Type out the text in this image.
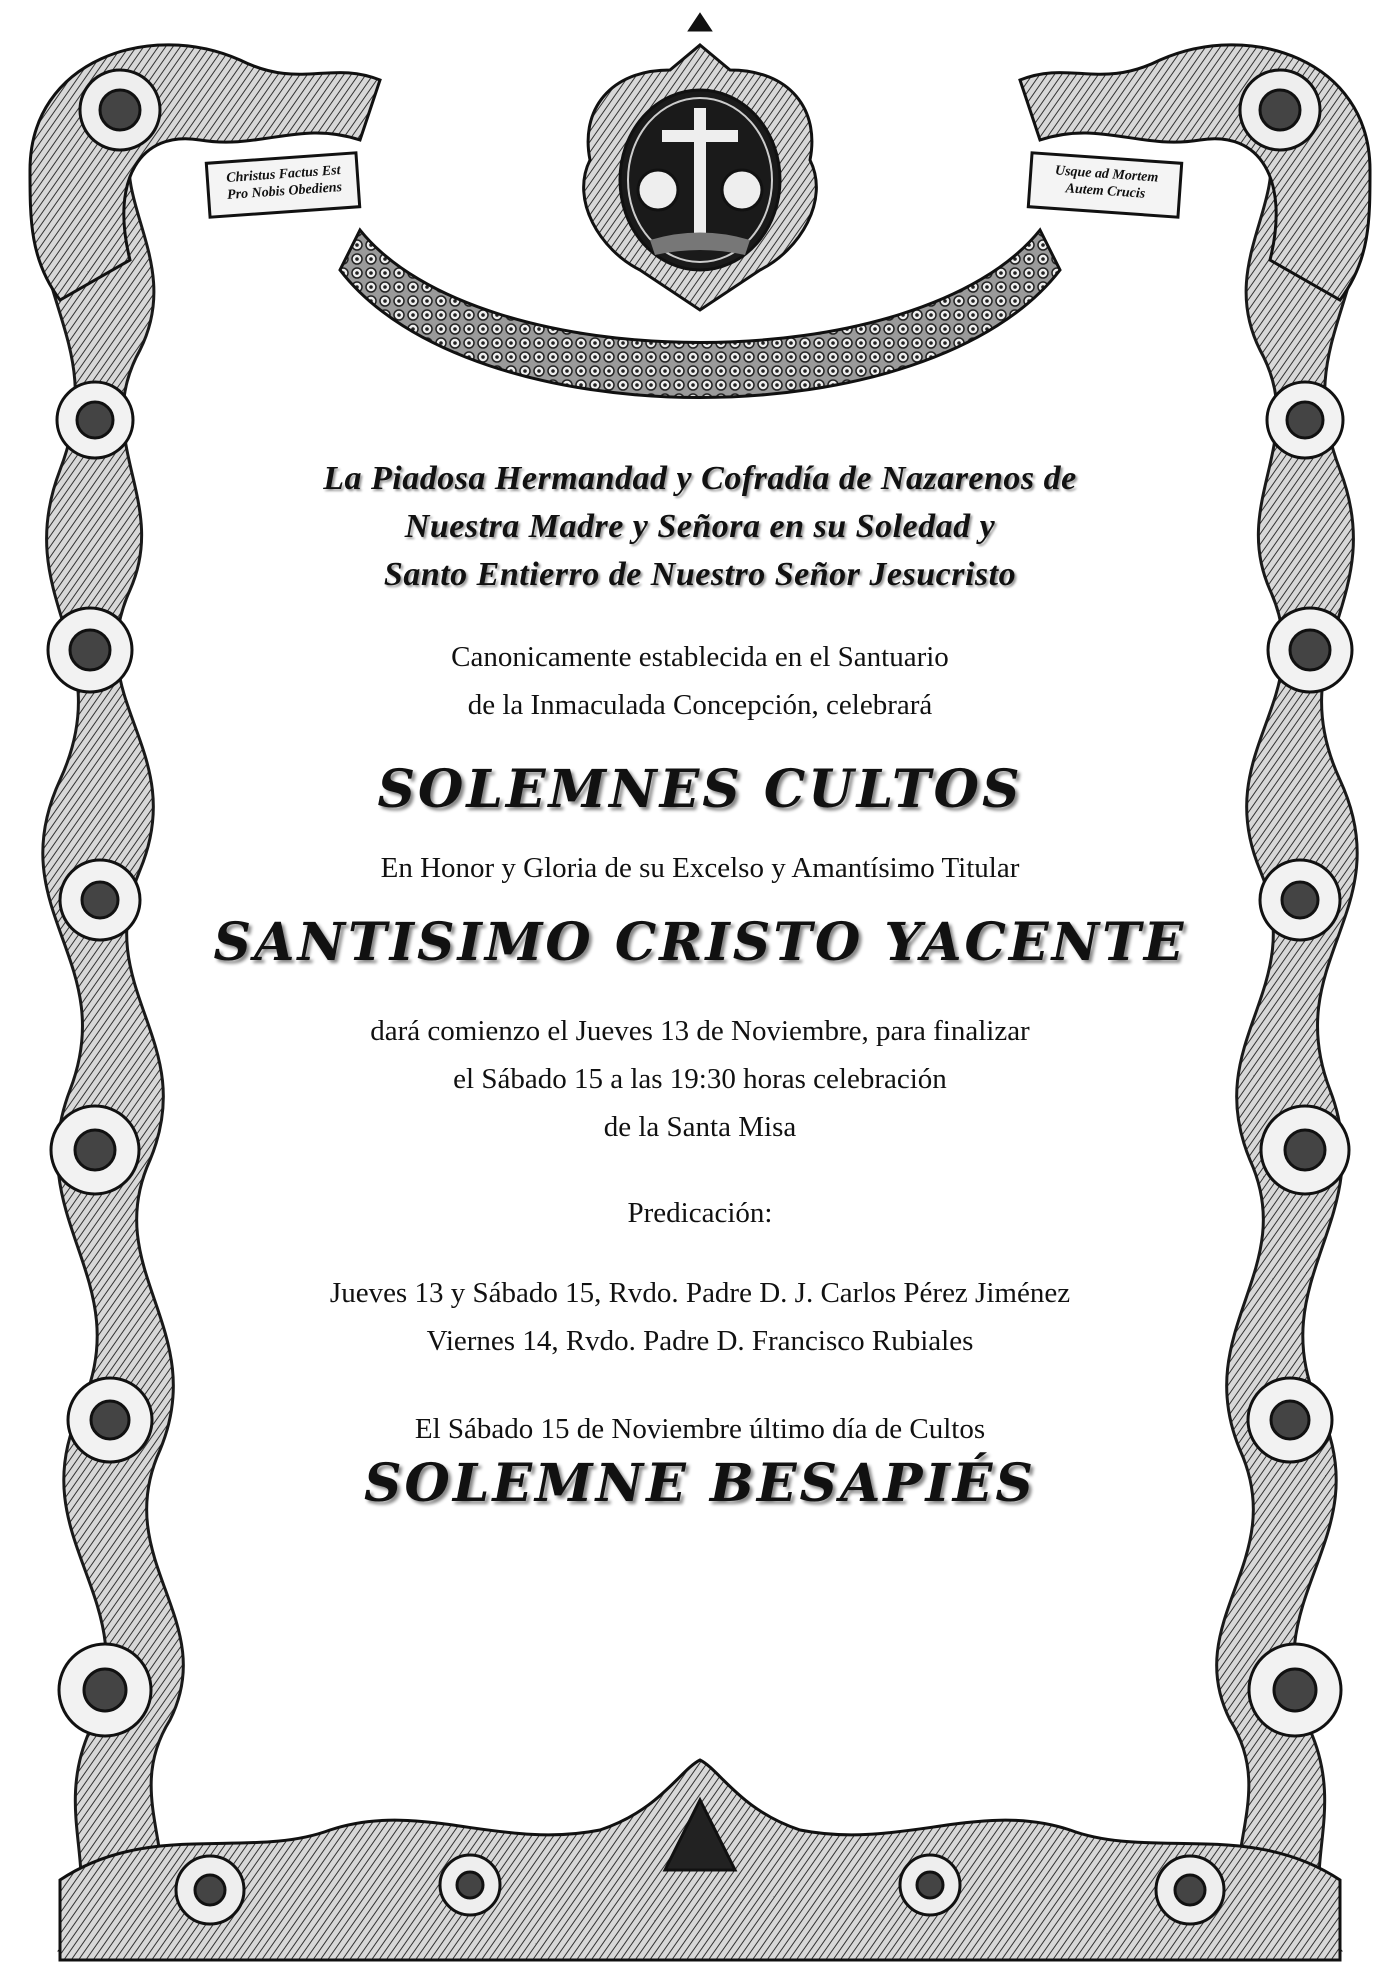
Christus Factus Est
Pro Nobis Obediens
Usque ad Mortem
Autem Crucis

La Piadosa Hermandad y Cofradía de Nazarenos de

Nuestra Madre y Señora en su Soledad y

Santo Entierro de Nuestro Señor Jesucristo

Canonicamente establecida en el Santuario

de la Inmaculada Concepción, celebrará

SOLEMNES CULTOS

En Honor y Gloria de su Excelso y Amantísimo Titular

SANTISIMO CRISTO YACENTE

dará comienzo el Jueves 13 de Noviembre, para finalizar

el Sábado 15 a las 19:30 horas celebración

de la Santa Misa

Predicación:

Jueves 13 y Sábado 15, Rvdo. Padre D. J. Carlos Pérez Jiménez

Viernes 14, Rvdo. Padre D. Francisco Rubiales

El Sábado 15 de Noviembre último día de Cultos

SOLEMNE BESAPIÉS
